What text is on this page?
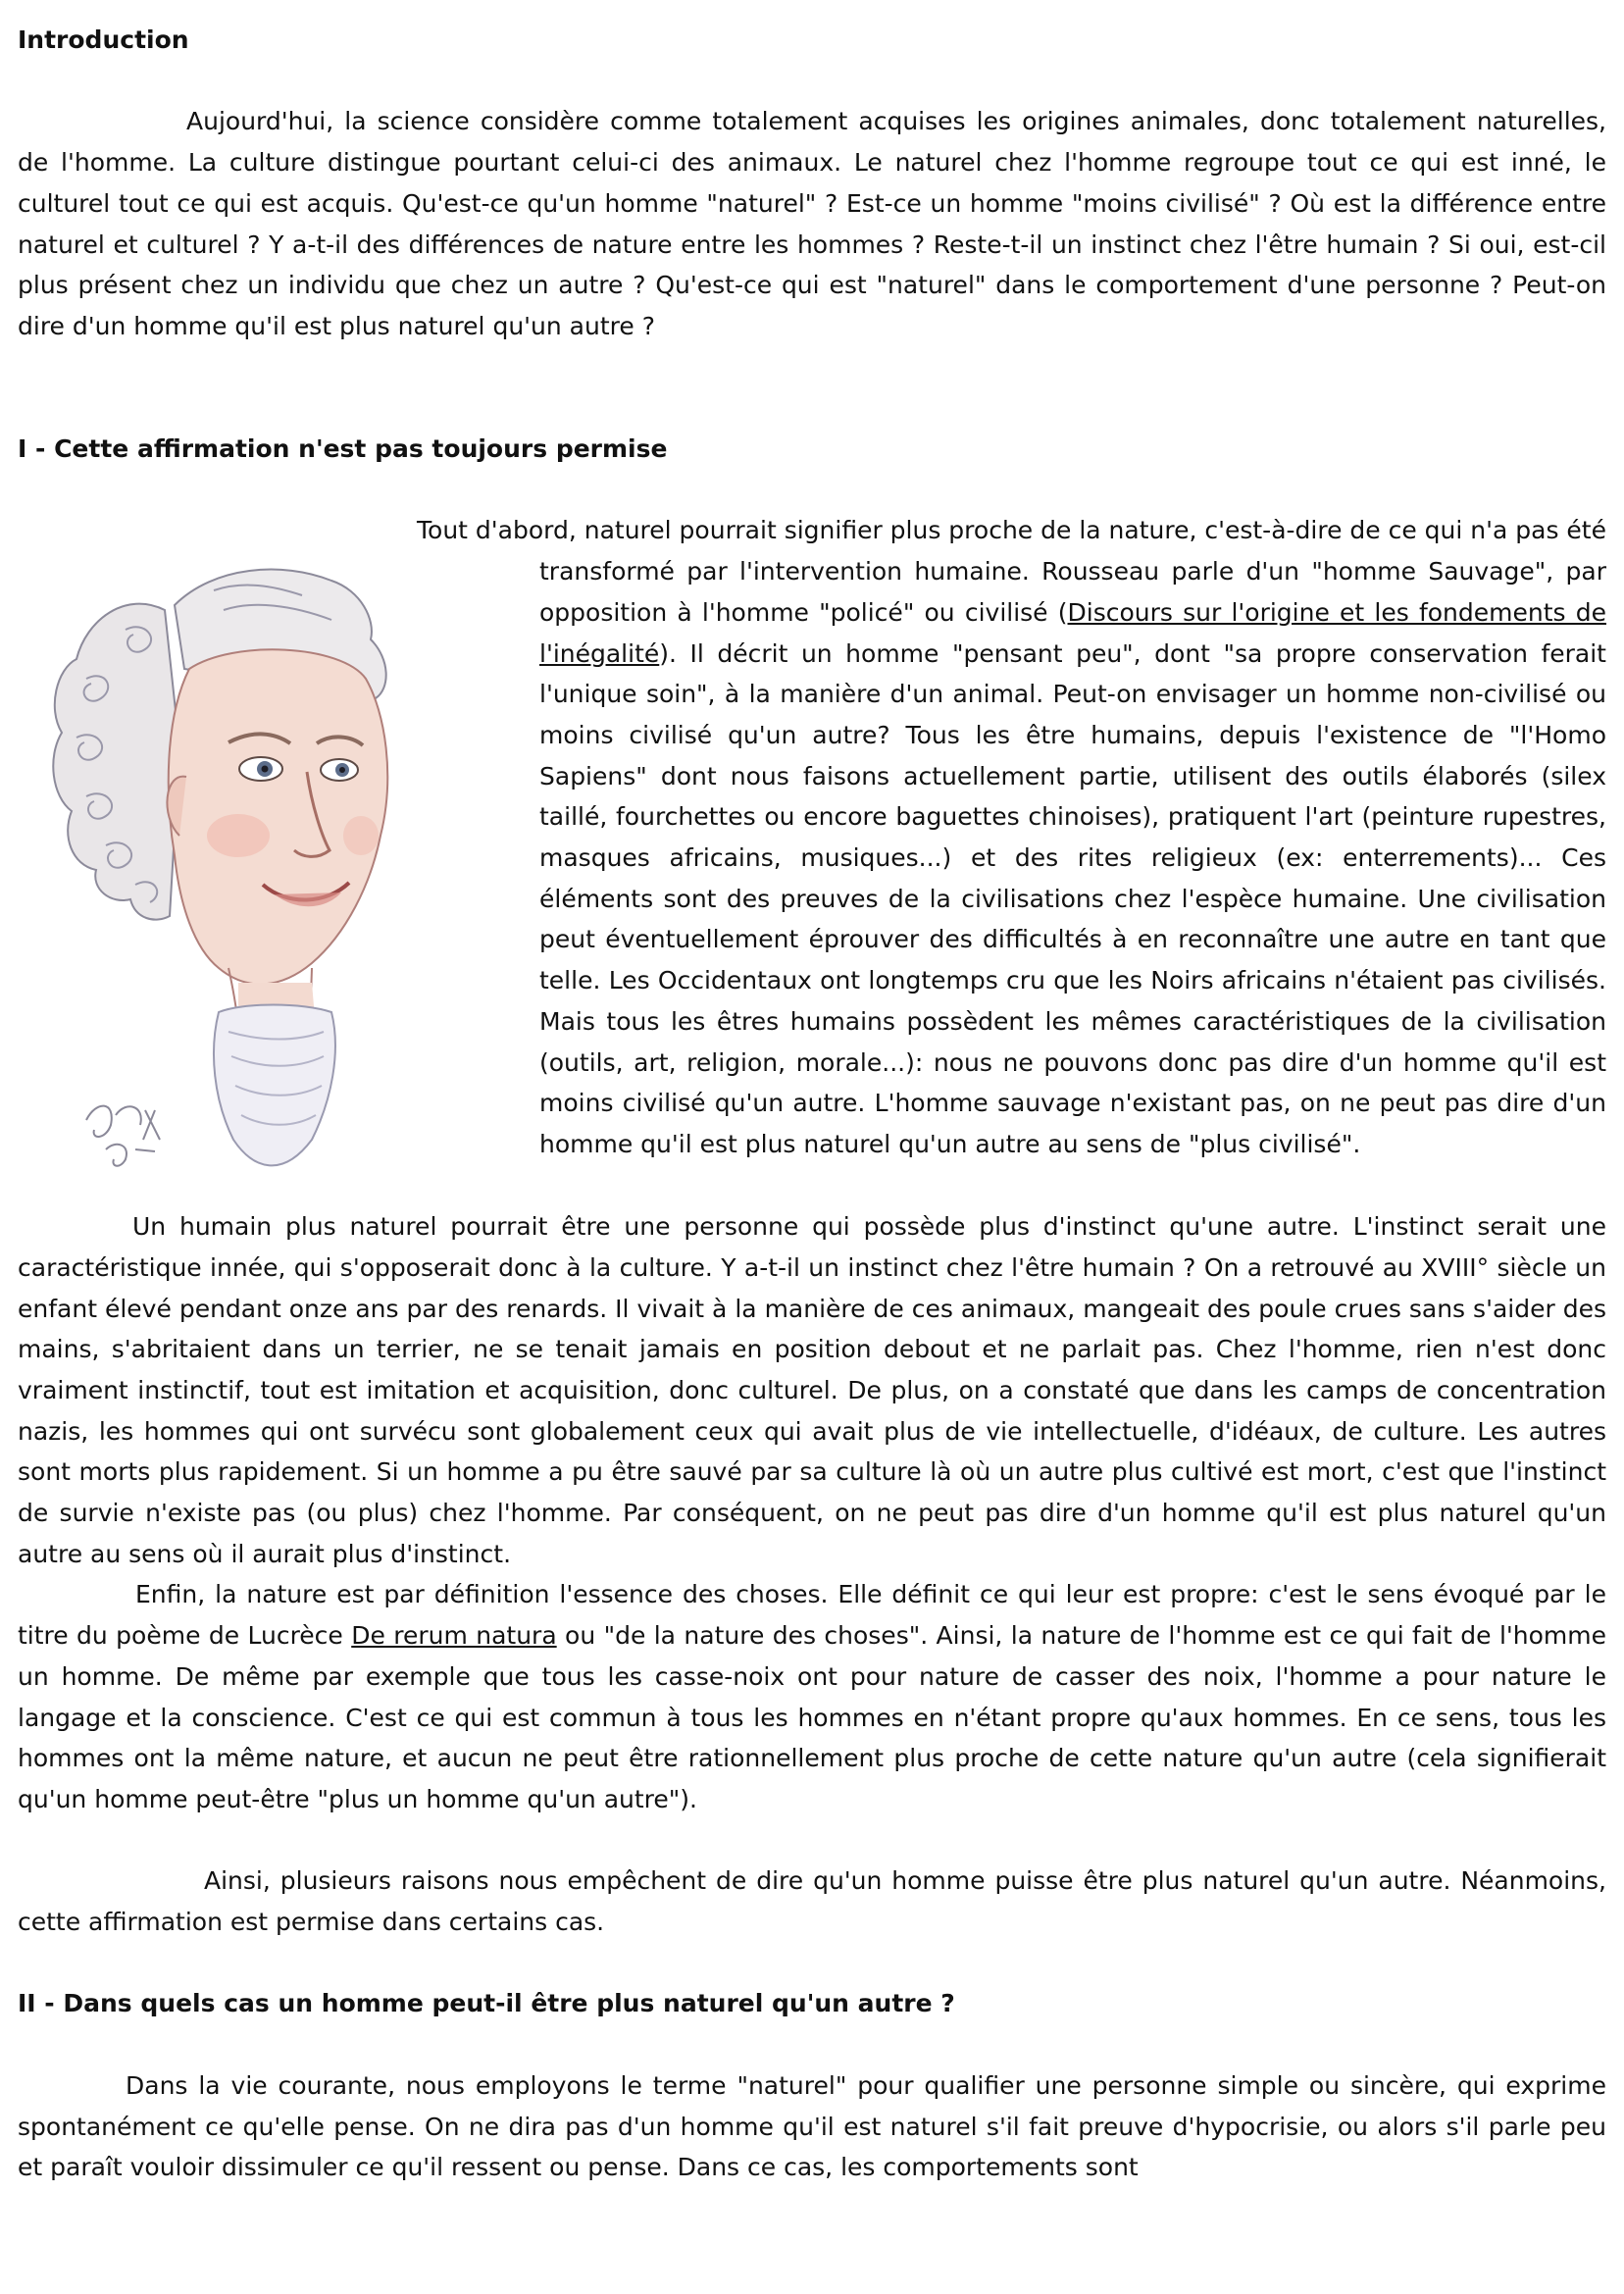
Introduction

Aujourd'hui, la science considère comme totalement acquises les origines animales, donc totalement naturelles, de l'homme. La culture distingue pourtant celui-ci des animaux. Le naturel chez l'homme regroupe tout ce qui est inné, le culturel tout ce qui est acquis. Qu'est-ce qu'un homme "naturel" ? Est-ce un homme "moins civilisé" ? Où est la différence entre naturel et culturel ? Y a-t-il des différences de nature entre les hommes ? Reste-t-il un instinct chez l'être humain ? Si oui, est-cil plus présent chez un individu que chez un autre ? Qu'est-ce qui est "naturel" dans le comportement d'une personne ? Peut-on dire d'un homme qu'il est plus naturel qu'un autre ?

I - Cette affirmation n'est pas toujours permise

Tout d'abord, naturel pourrait signifier plus proche de la nature, c'est-à-dire de ce qui n'a pas été

transformé par l'intervention humaine. Rousseau parle d'un "homme Sauvage", par opposition à l'homme "policé" ou civilisé (Discours sur l'origine et les fondements de l'inégalité). Il décrit un homme "pensant peu", dont "sa propre conservation ferait l'unique soin", à la manière d'un animal. Peut-on envisager un homme non-civilisé ou moins civilisé qu'un autre? Tous les être humains, depuis l'existence de "l'Homo Sapiens" dont nous faisons actuellement partie, utilisent des outils élaborés (silex taillé, fourchettes ou encore baguettes chinoises), pratiquent l'art (peinture rupestres, masques africains, musiques...) et des rites religieux (ex: enterrements)... Ces éléments sont des preuves de la civilisations chez l'espèce humaine. Une civilisation peut éventuellement éprouver des difficultés à en reconnaître une autre en tant que telle. Les Occidentaux ont longtemps cru que les Noirs africains n'étaient pas civilisés. Mais tous les êtres humains possèdent les mêmes caractéristiques de la civilisation (outils, art, religion, morale...): nous ne pouvons donc pas dire d'un homme qu'il est moins civilisé qu'un autre. L'homme sauvage n'existant pas, on ne peut pas dire d'un homme qu'il est plus naturel qu'un autre au sens de "plus civilisé".

Un humain plus naturel pourrait être une personne qui possède plus d'instinct qu'une autre. L'instinct serait une caractéristique innée, qui s'opposerait donc à la culture. Y a-t-il un instinct chez l'être humain ? On a retrouvé au XVIII° siècle un enfant élevé pendant onze ans par des renards. Il vivait à la manière de ces animaux, mangeait des poule crues sans s'aider des mains, s'abritaient dans un terrier, ne se tenait jamais en position debout et ne parlait pas. Chez l'homme, rien n'est donc vraiment instinctif, tout est imitation et acquisition, donc culturel. De plus, on a constaté que dans les camps de concentration nazis, les hommes qui ont survécu sont globalement ceux qui avait plus de vie intellectuelle, d'idéaux, de culture. Les autres sont morts plus rapidement. Si un homme a pu être sauvé par sa culture là où un autre plus cultivé est mort, c'est que l'instinct de survie n'existe pas (ou plus) chez l'homme. Par conséquent, on ne peut pas dire d'un homme qu'il est plus naturel qu'un autre au sens où il aurait plus d'instinct.

Enfin, la nature est par définition l'essence des choses. Elle définit ce qui leur est propre: c'est le sens évoqué par le titre du poème de Lucrèce De rerum natura ou "de la nature des choses". Ainsi, la nature de l'homme est ce qui fait de l'homme un homme. De même par exemple que tous les casse-noix ont pour nature de casser des noix, l'homme a pour nature le langage et la conscience. C'est ce qui est commun à tous les hommes en n'étant propre qu'aux hommes. En ce sens, tous les hommes ont la même nature, et aucun ne peut être rationnellement plus proche de cette nature qu'un autre (cela signifierait qu'un homme peut-être "plus un homme qu'un autre").

Ainsi, plusieurs raisons nous empêchent de dire qu'un homme puisse être plus naturel qu'un autre. Néanmoins, cette affirmation est permise dans certains cas.

II - Dans quels cas un homme peut-il être plus naturel qu'un autre ?

Dans la vie courante, nous employons le terme "naturel" pour qualifier une personne simple ou sincère, qui exprime spontanément ce qu'elle pense. On ne dira pas d'un homme qu'il est naturel s'il fait preuve d'hypocrisie, ou alors s'il parle peu et paraît vouloir dissimuler ce qu'il ressent ou pense. Dans ce cas, les comportements sont
